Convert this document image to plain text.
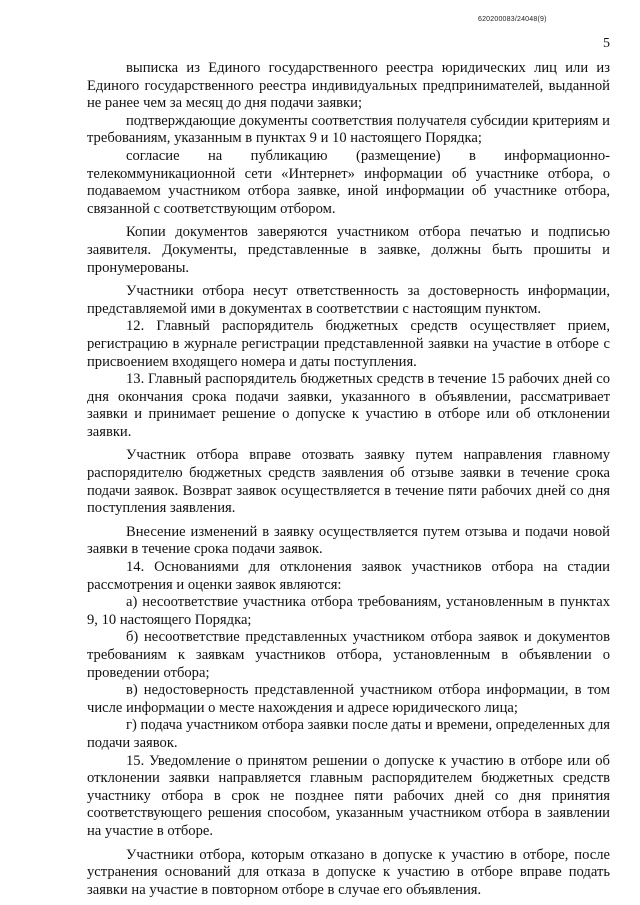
620200083/24048(9)
5

выписка из Единого государственного реестра юридических лиц или из Единого государственного реестра индивидуальных предпринимателей, выданной не ранее чем за месяц до дня подачи заявки;

подтверждающие документы соответствия получателя субсидии критериям и требованиям, указанным в пунктах 9 и 10 настоящего Порядка;

согласие на публикацию (размещение) в информационно-телекоммуникационной сети «Интернет» информации об участнике отбора, о подаваемом участником отбора заявке, иной информации об участнике отбора, связанной с соответствующим отбором.

Копии документов заверяются участником отбора печатью и подписью заявителя. Документы, представленные в заявке, должны быть прошиты и пронумерованы.

Участники отбора несут ответственность за достоверность информации, представляемой ими в документах в соответствии с настоящим пунктом.

12. Главный распорядитель бюджетных средств осуществляет прием, регистрацию в журнале регистрации представленной заявки на участие в отборе с присвоением входящего номера и даты поступления.

13. Главный распорядитель бюджетных средств в течение 15 рабочих дней со дня окончания срока подачи заявки, указанного в объявлении, рассматривает заявки и принимает решение о допуске к участию в отборе или об отклонении заявки.

Участник отбора вправе отозвать заявку путем направления главному распорядителю бюджетных средств заявления об отзыве заявки в течение срока подачи заявок. Возврат заявок осуществляется в течение пяти рабочих дней со дня поступления заявления.

Внесение изменений в заявку осуществляется путем отзыва и подачи новой заявки в течение срока подачи заявок.

14. Основаниями для отклонения заявок участников отбора на стадии рассмотрения и оценки заявок являются:

а) несоответствие участника отбора требованиям, установленным в пунктах 9, 10 настоящего Порядка;

б) несоответствие представленных участником отбора заявок и документов требованиям к заявкам участников отбора, установленным в объявлении о проведении отбора;

в) недостоверность представленной участником отбора информации, в том числе информации о месте нахождения и адресе юридического лица;

г) подача участником отбора заявки после даты и времени, определенных для подачи заявок.

15. Уведомление о принятом решении о допуске к участию в отборе или об отклонении заявки направляется главным распорядителем бюджетных средств участнику отбора в срок не позднее пяти рабочих дней со дня принятия соответствующего решения способом, указанным участником отбора в заявлении на участие в отборе.

Участники отбора, которым отказано в допуске к участию в отборе, после устранения оснований для отказа в допуске к участию в отборе вправе подать заявки на участие в повторном отборе в случае его объявления.
